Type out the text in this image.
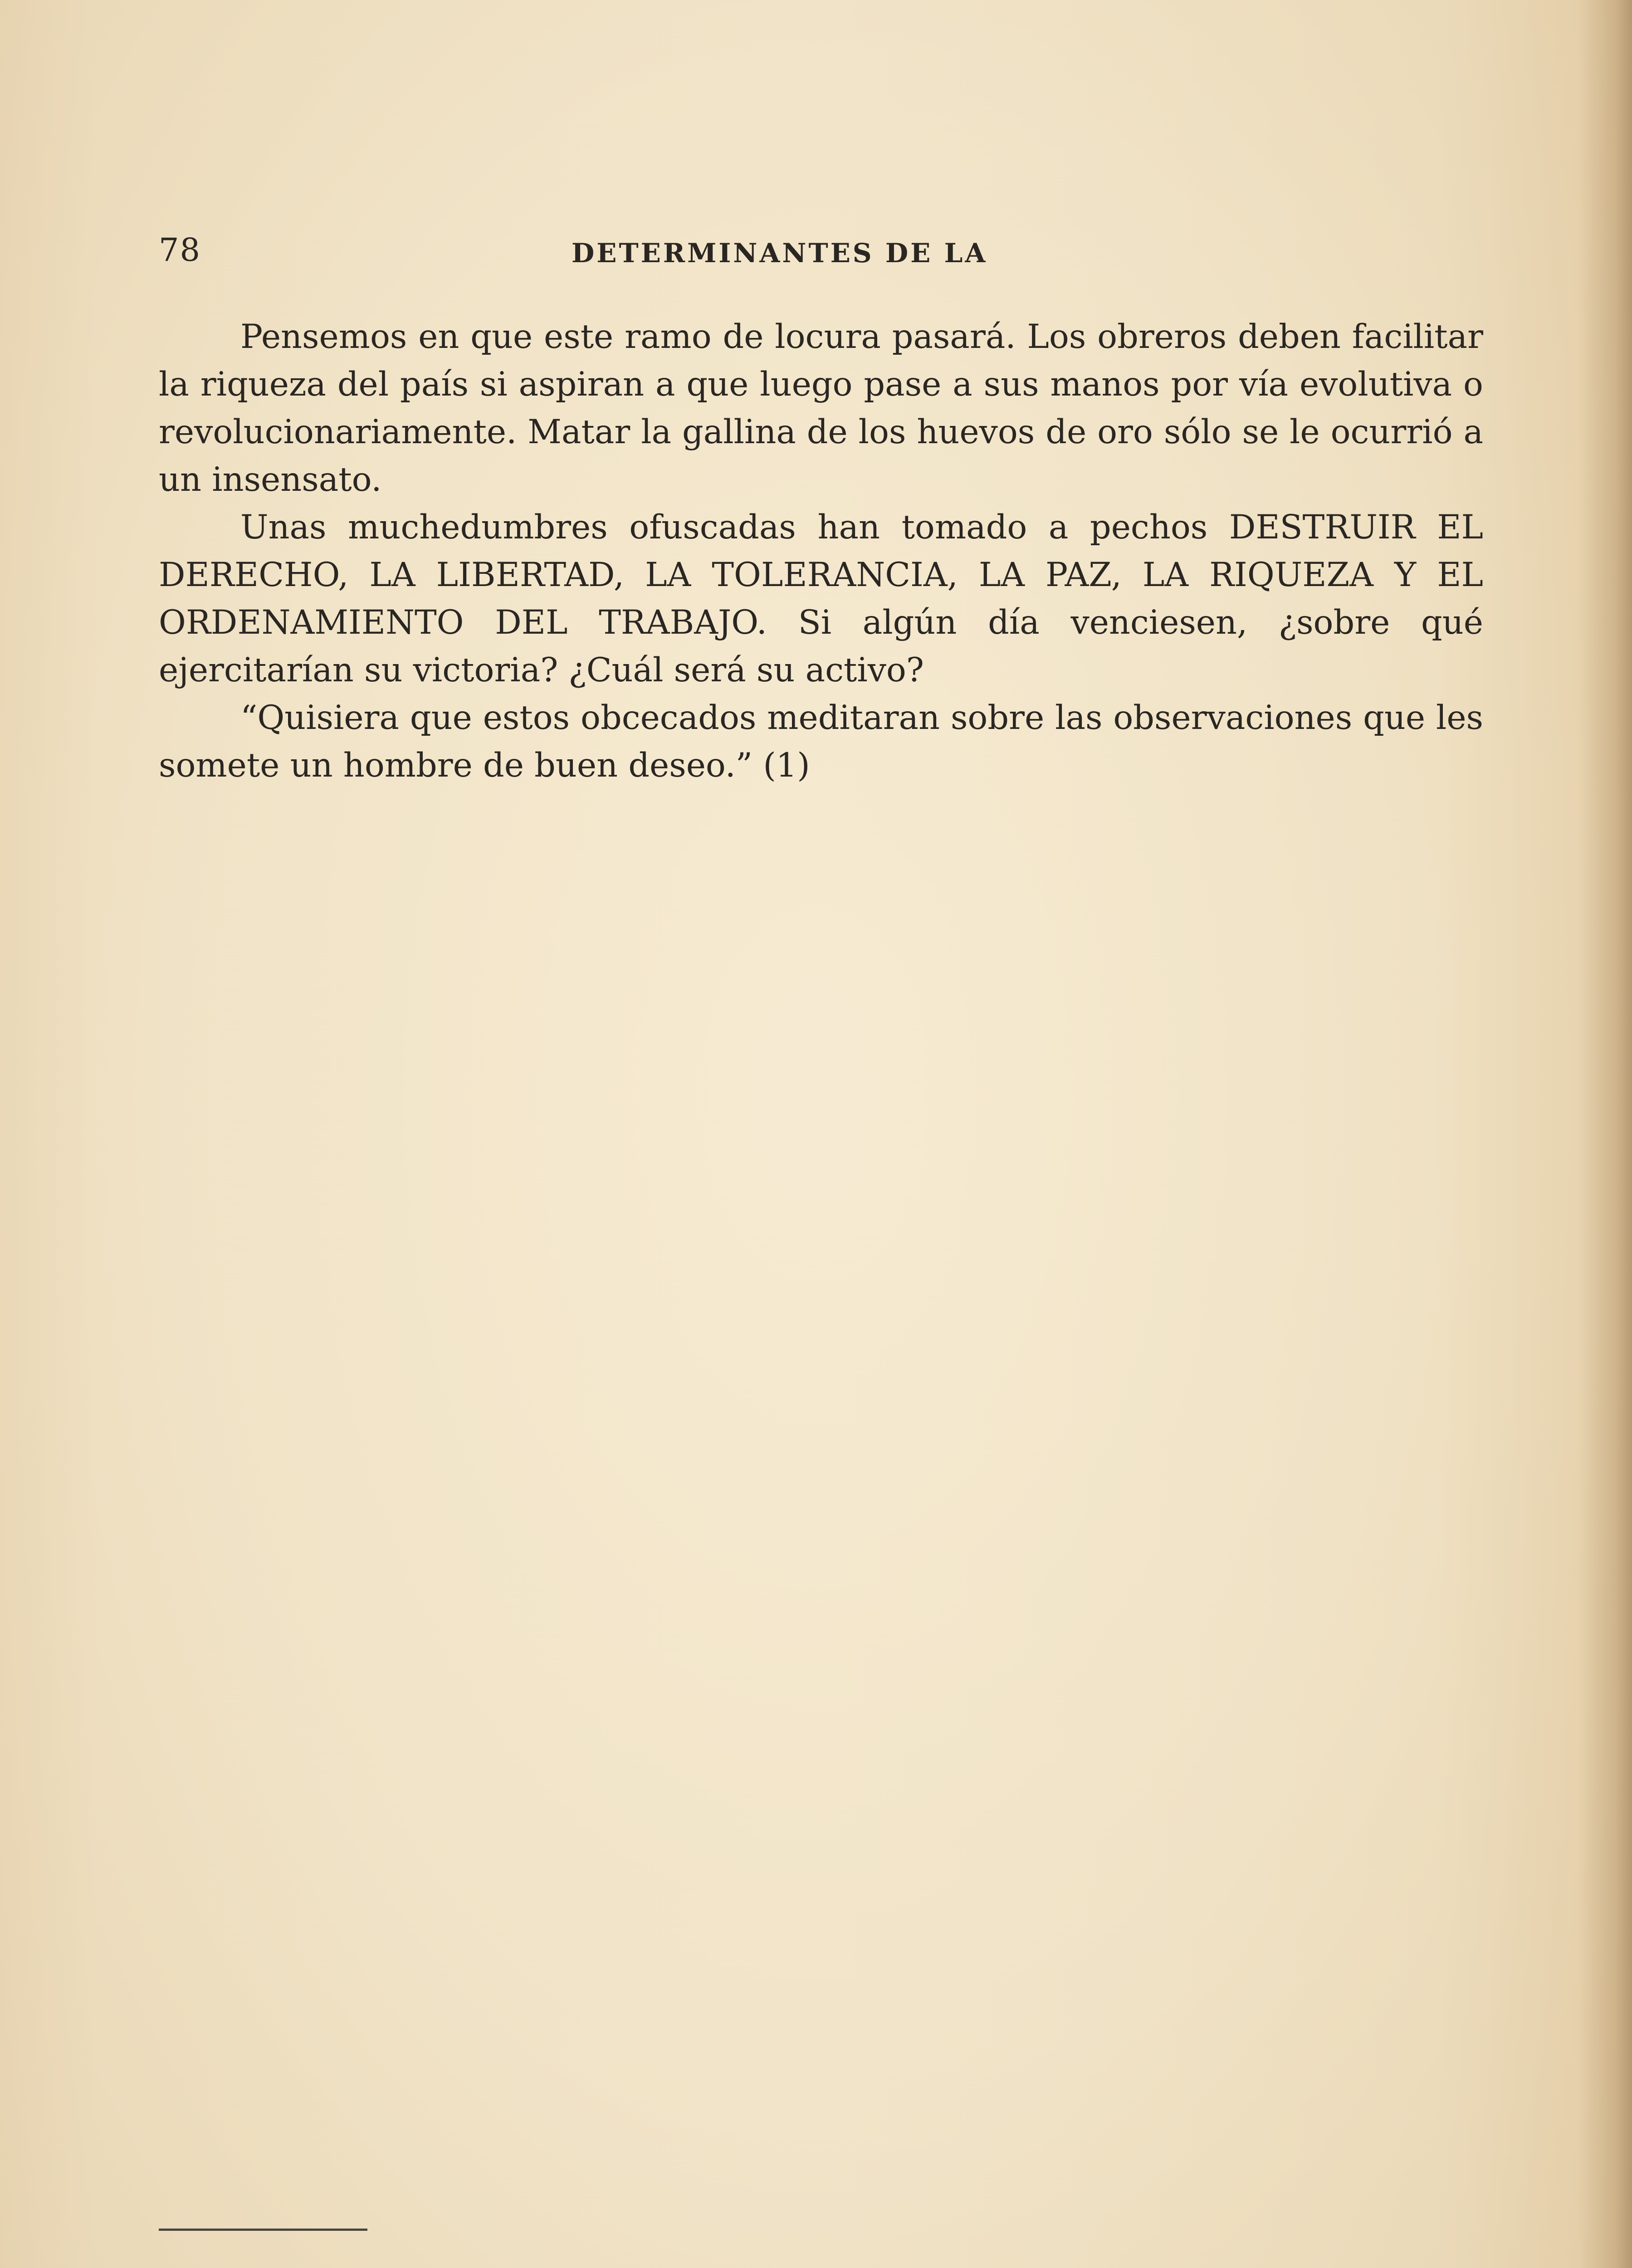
78	DETERMINANTES DE LA

Pensemos en que este ramo de locura pasará. Los obreros deben facilitar la riqueza del país si aspiran a que luego pase a sus manos por vía evolutiva o revolucionariamente. Matar la gallina de los huevos de oro sólo se le ocurrió a un insensato.

Unas muchedumbres ofuscadas han tomado a pechos DESTRUIR EL DERECHO, LA LIBERTAD, LA TOLERANCIA, LA PAZ, LA RIQUEZA Y EL ORDENAMIENTO DEL TRABAJO. Si algún día venciesen, ¿sobre qué ejercitarían su victoria? ¿Cuál será su activo?

“Quisiera que estos obcecados meditaran sobre las observaciones que les somete un hombre de buen deseo.” (1)
